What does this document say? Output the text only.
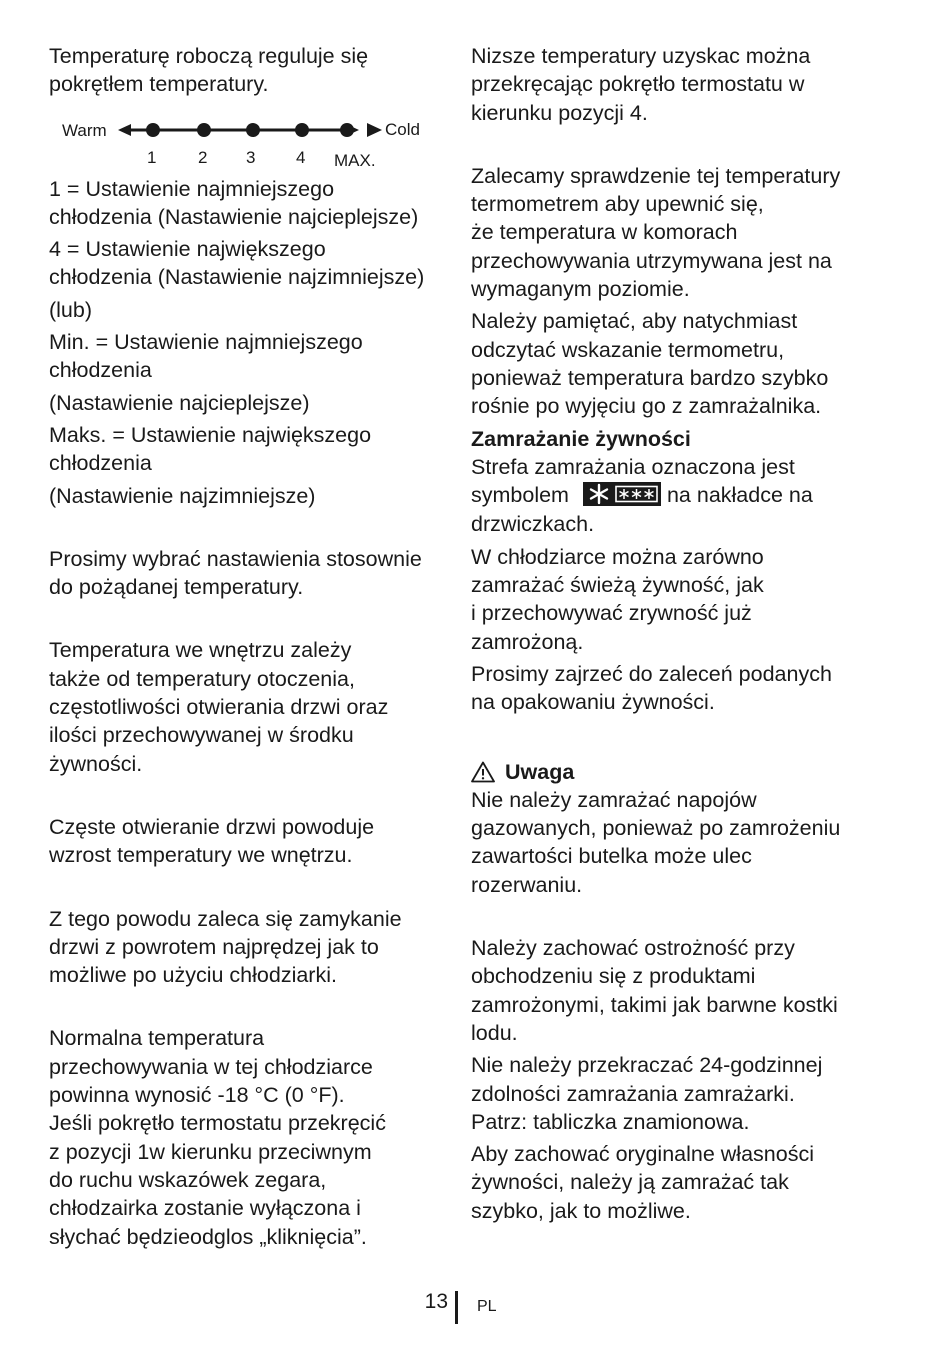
Temperaturę roboczą reguluje się
pokrętłem temperatury.

Warm	Cold
1 2 3 4 MAX.

1 = Ustawienie najmniejszego
chłodzenia (Nastawienie najcieplejsze)

4 = Ustawienie największego
chłodzenia (Nastawienie najzimniejsze)

(lub)

Min. = Ustawienie najmniejszego
chłodzenia

(Nastawienie najcieplejsze)

Maks. = Ustawienie największego
chłodzenia

(Nastawienie najzimniejsze)

Prosimy wybrać nastawienia stosownie
do pożądanej temperatury.

Temperatura we wnętrzu zależy
także od temperatury otoczenia,
częstotliwości otwierania drzwi oraz
ilości przechowywanej w środku
żywności.

Częste otwieranie drzwi powoduje
wzrost temperatury we wnętrzu.

Z tego powodu zaleca się zamykanie
drzwi z powrotem najprędzej jak to
możliwe po użyciu chłodziarki.

Normalna temperatura
przechowywania w tej chłodziarce
powinna wynosić -18 °C (0 °F).
Jeśli pokrętło termostatu przekręcić
z pozycji 1w kierunku przeciwnym
do ruchu wskazówek zegara,
chłodzairka zostanie wyłączona i
słychać będzieodglos „kliknięcia”.

Nizsze temperatury uzyskac można
przekręcając pokrętło termostatu w
kierunku pozycji 4.

Zalecamy sprawdzenie tej temperatury
termometrem aby upewnić się,
że temperatura w komorach
przechowywania utrzymywana jest na
wymaganym poziomie.

Należy pamiętać, aby natychmiast
odczytać wskazanie termometru,
ponieważ temperatura bardzo szybko
rośnie po wyjęciu go z zamrażalnika.

Zamrażanie żywności

Strefa zamrażania oznaczona jest
symbolem	na nakładce na
drzwiczkach.

W chłodziarce można zarówno
zamrażać świeżą żywność, jak
i przechowywać zrywność już
zamrożoną.

Prosimy zajrzeć do zaleceń podanych
na opakowaniu żywności.

Uwaga

Nie należy zamrażać napojów
gazowanych, ponieważ po zamrożeniu
zawartości butelka może ulec
rozerwaniu.

Należy zachować ostrożność przy
obchodzeniu się z produktami
zamrożonymi, takimi jak barwne kostki
lodu.

Nie należy przekraczać 24-godzinnej
zdolności zamrażania zamrażarki.
Patrz: tabliczka znamionowa.

Aby zachować oryginalne własności
żywności, należy ją zamrażać tak
szybko, jak to możliwe.

13 PL
